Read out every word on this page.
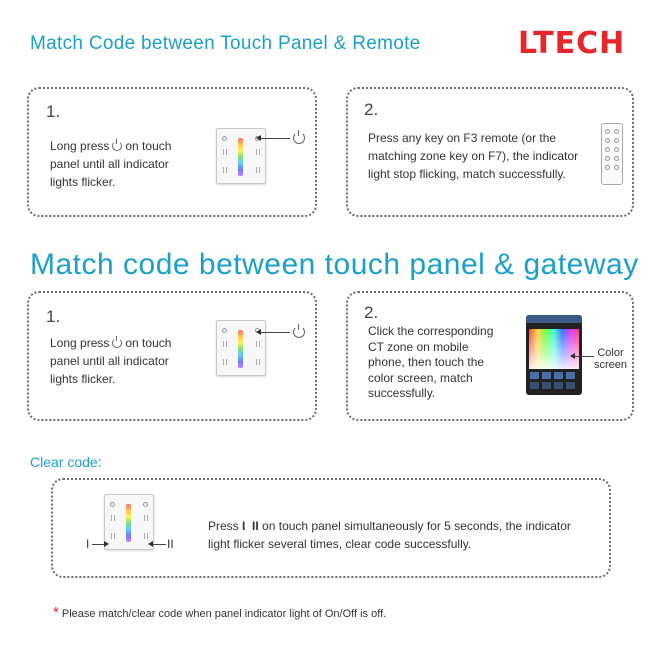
Match Code between Touch Panel & Remote	LTECH
1.
Long press on touch
panel until all indicator
lights flicker.
2.
Press any key on F3 remote (or the
matching zone key on F7), the indicator
light stop flicking, match successfully.
Match code between touch panel & gateway
1.
Long press on touch
panel until all indicator
lights flicker.
2.
Click the corresponding
CT zone on mobile
phone, then touch the
color screen, match
successfully.
Color
screen
Clear code:
I	II
Press I  II on touch panel simultaneously for 5 seconds, the indicator
light flicker several times, clear code successfully.
* Please match/clear code when panel indicator light of On/Off is off.
